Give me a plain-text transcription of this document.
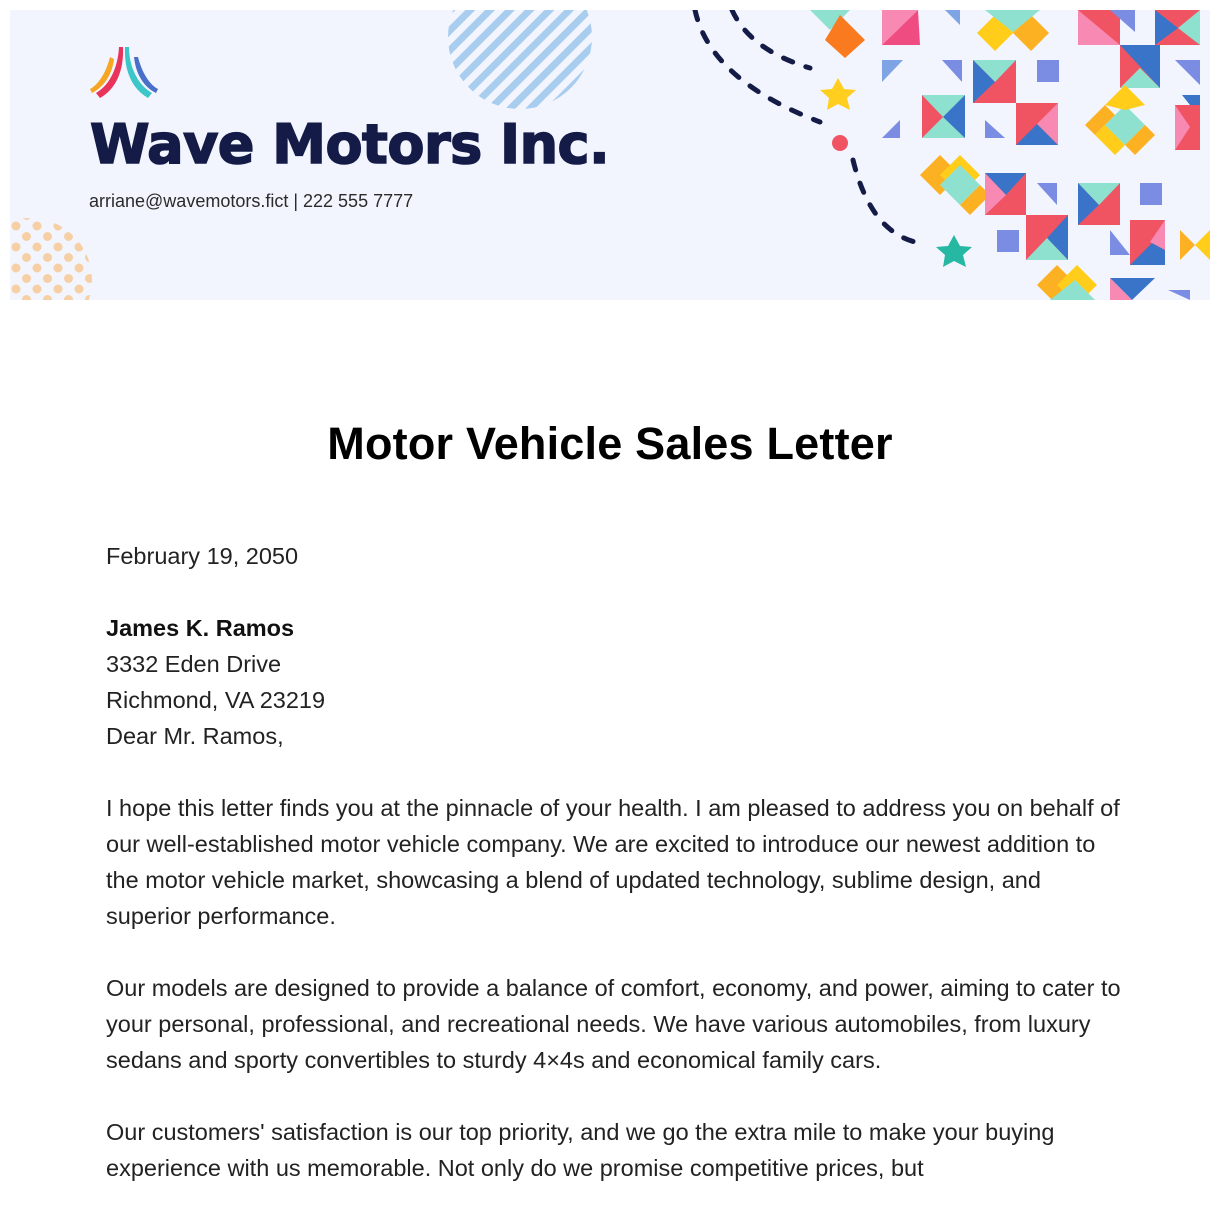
Wave Motors Inc.
arriane@wavemotors.fict | 222 555 7777
Motor Vehicle Sales Letter

February 19, 2050

James K. Ramos

3332 Eden Drive

Richmond, VA 23219

Dear Mr. Ramos,

I hope this letter finds you at the pinnacle of your health. I am pleased to address you on behalf of our well-established motor vehicle company. We are excited to introduce our newest addition to the motor vehicle market, showcasing a blend of updated technology, sublime design, and superior performance.

Our models are designed to provide a balance of comfort, economy, and power, aiming to cater to your personal, professional, and recreational needs. We have various automobiles, from luxury sedans and sporty convertibles to sturdy 4×4s and economical family cars.

Our customers' satisfaction is our top priority, and we go the extra mile to make your buying experience with us memorable. Not only do we promise competitive prices, but
